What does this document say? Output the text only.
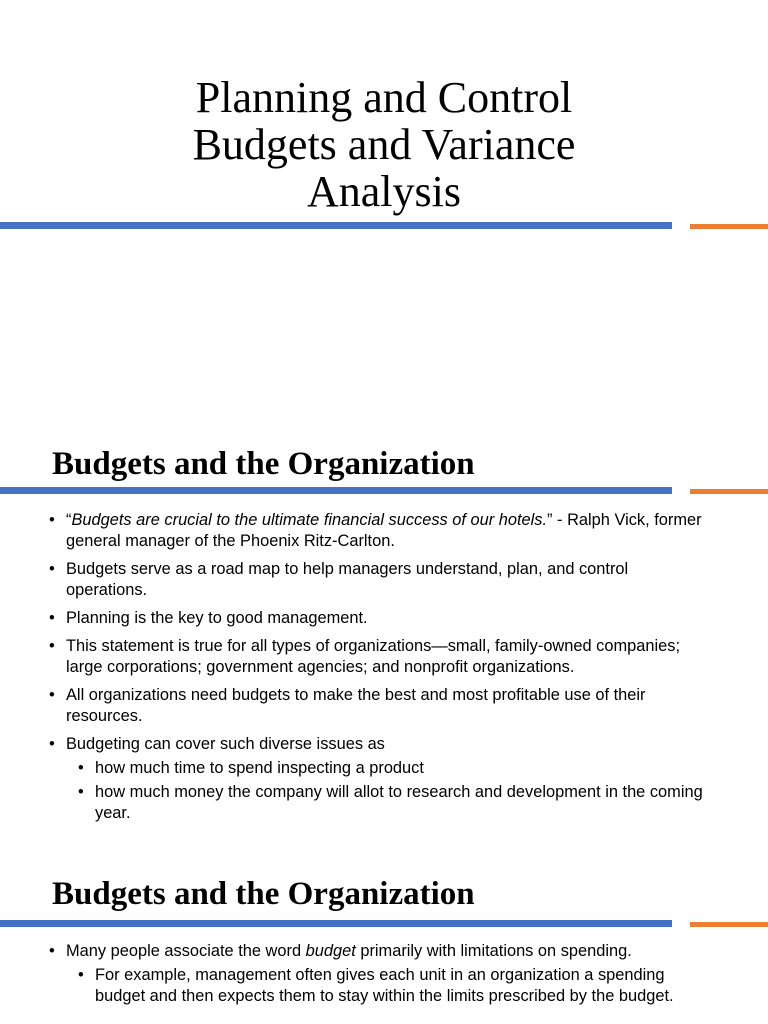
Planning and Control
Budgets and Variance
Analysis
Budgets and the Organization
• “Budgets are crucial to the ultimate financial success of our hotels.” - Ralph Vick, former general manager of the Phoenix Ritz-Carlton.
• Budgets serve as a road map to help managers understand, plan, and control operations.
• Planning is the key to good management.
• This statement is true for all types of organizations—small, family-owned companies; large corporations; government agencies; and nonprofit organizations.
• All organizations need budgets to make the best and most profitable use of their resources.
• Budgeting can cover such diverse issues as
• how much time to spend inspecting a product
• how much money the company will allot to research and development in the coming year.
Budgets and the Organization
• Many people associate the word budget primarily with limitations on spending.
• For example, management often gives each unit in an organization a spending budget and then expects them to stay within the limits prescribed by the budget.
